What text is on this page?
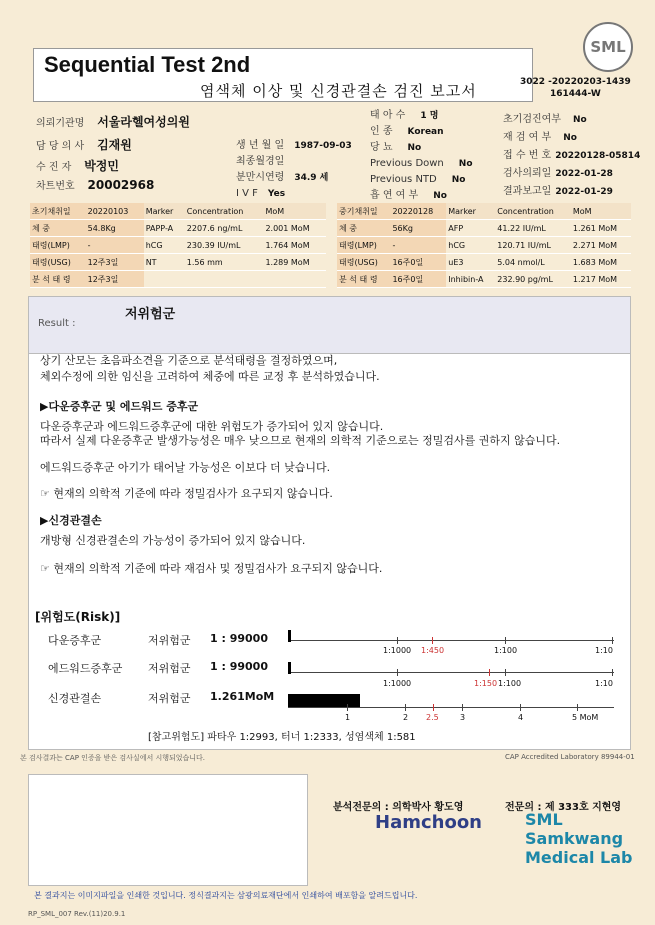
Sequential Test 2nd
염색체 이상 및 신경관결손 검진 보고서	3022 -20220203-1439
161444-W
SML
의뢰기관명 서울라헬여성의원
담 당 의 사 김재원
수 진 자 박정민
차트번호 20002968
생 년 월 일 1987-09-03
최종월경일
분만시연령 34.9 세
I V F Yes
태 아 수 1 명
인 종 Korean
당 뇨 No
Previous Down No
Previous NTD No
흡 연 여 부 No
초기검진여부 No
재 검 여 부 No
접 수 번 호 20220128-05814
검사의뢰일 2022-01-28
결과보고일 2022-01-29
초기채취일	20220103	Marker	Concentration	MoM
체 중	54.8Kg	PAPP-A	2207.6 ng/mL	2.001 MoM
태령(LMP)	-	hCG	230.39 IU/mL	1.764 MoM
태령(USG)	12주3일	NT	1.56 mm	1.289 MoM
분 석 태 령	12주3일			
중기채취일	20220128	Marker	Concentration	MoM
체 중	56Kg	AFP	41.22 IU/mL	1.261 MoM
태령(LMP)	-	hCG	120.71 IU/mL	2.271 MoM
태령(USG)	16주0일	uE3	5.04 nmol/L	1.683 MoM
분 석 태 령	16주0일	Inhibin-A	232.90 pg/mL	1.217 MoM
Result :
저위험군
상기 산모는 초음파소견을 기준으로 분석태령을 결정하였으며,
체외수정에 의한 임신을 고려하여 체중에 따른 교정 후 분석하였습니다.
▶다운증후군 및 에드워드 증후군
다운증후군과 에드워드증후군에 대한 위험도가 증가되어 있지 않습니다.
따라서 실제 다운증후군 발생가능성은 매우 낮으므로 현재의 의학적 기준으로는 정밀검사를 권하지 않습니다.
에드워드증후군 아기가 태어날 가능성은 이보다 더 낮습니다.
☞ 현재의 의학적 기준에 따라 정밀검사가 요구되지 않습니다.
▶신경관결손
개방형 신경관결손의 가능성이 증가되어 있지 않습니다.
☞ 현재의 의학적 기준에 따라 재검사 및 정밀검사가 요구되지 않습니다.
[위험도(Risk)]
다운증후군	저위험군 1 : 99000
1:1000 1:450	1:100	1:10
에드워드증후군 저위험군 1 : 99000
1:1000	1:150 1:100	1:10
신경관결손	저위험군 1.261MoM
1	2 2.5	3	4	5 MoM
[참고위험도] 파타우 1:2993, 터너 1:2333, 성염색체 1:581
본 검사결과는 CAP 인증을 받은 검사실에서 시행되었습니다.	CAP Accredited Laboratory 89944-01
분석전문의 : 의학박사 황도영	전문의 : 제 333호 지현영
Hamchoon	SML Samkwang Medical Lab
본 결과지는 이미지파일을 인쇄한 것입니다. 정식결과지는 삼광의료재단에서 인쇄하여 배포함을 알려드립니다.
RP_SML_007 Rev.(11)20.9.1
